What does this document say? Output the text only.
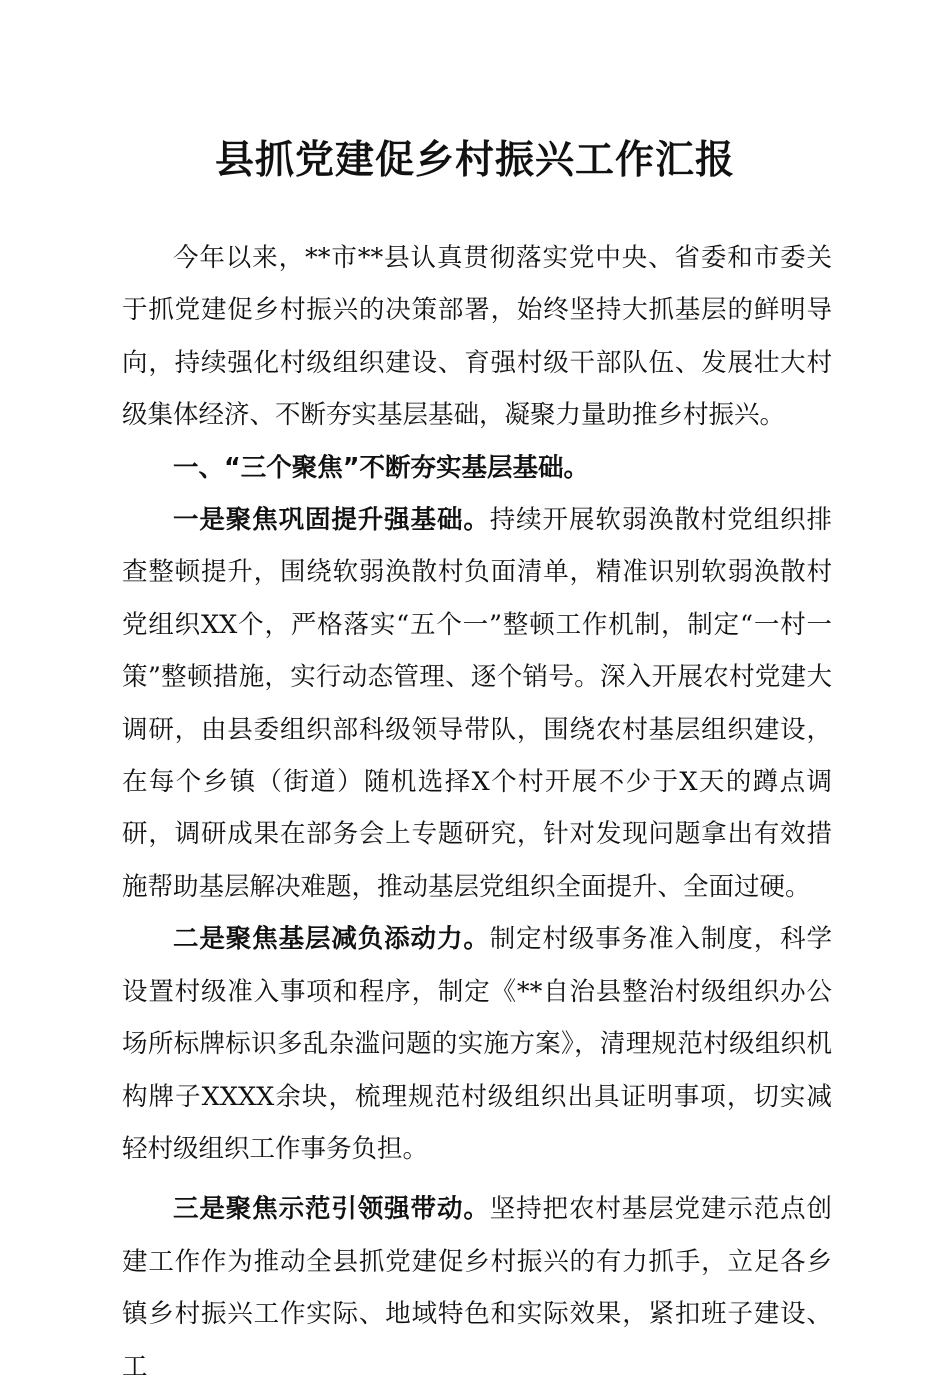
县抓党建促乡村振兴工作汇报

今年以来，**市**县认真贯彻落实党中央、省委和市委关于抓党建促乡村振兴的决策部署，始终坚持大抓基层的鲜明导向，持续强化村级组织建设、育强村级干部队伍、发展壮大村级集体经济、不断夯实基层基础，凝聚力量助推乡村振兴。

一、“三个聚焦”不断夯实基层基础。

一是聚焦巩固提升强基础。持续开展软弱涣散村党组织排查整顿提升，围绕软弱涣散村负面清单，精准识别软弱涣散村党组织XX个，严格落实“五个一”整顿工作机制，制定“一村一策”整顿措施，实行动态管理、逐个销号。深入开展农村党建大调研，由县委组织部科级领导带队，围绕农村基层组织建设，在每个乡镇（街道）随机选择X个村开展不少于X天的蹲点调研，调研成果在部务会上专题研究，针对发现问题拿出有效措施帮助基层解决难题，推动基层党组织全面提升、全面过硬。

二是聚焦基层减负添动力。制定村级事务准入制度，科学设置村级准入事项和程序，制定《**自治县整治村级组织办公场所标牌标识多乱杂滥问题的实施方案》，清理规范村级组织机构牌子XXXX余块，梳理规范村级组织出具证明事项，切实减轻村级组织工作事务负担。

三是聚焦示范引领强带动。坚持把农村基层党建示范点创建工作作为推动全县抓党建促乡村振兴的有力抓手，立足各乡镇乡村振兴工作实际、地域特色和实际效果，紧扣班子建设、工
